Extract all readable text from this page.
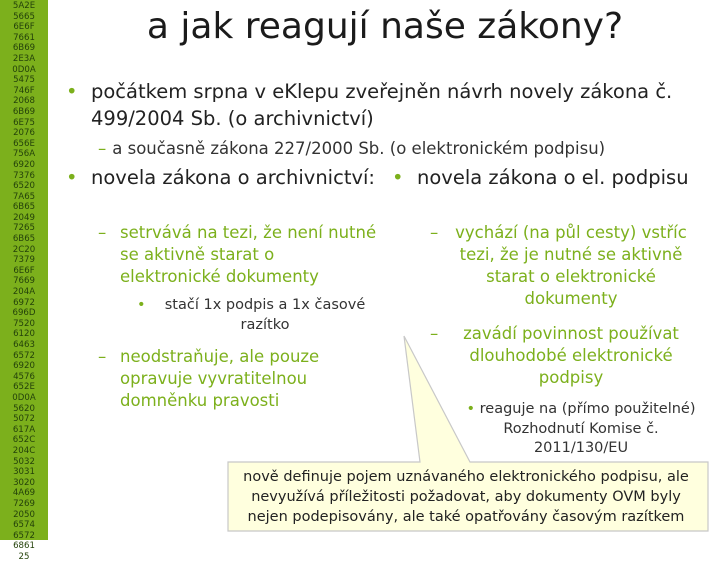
5A2E
5665
6E6F
7661
6B69
2E3A
0D0A
5475
746F
2068
6B69
6E75
2076
656E
756A
6920
7376
6520
7A65
6B65
2049
7265
6B65
2C20
7379
6E6F
7669
204A
6972
696D
7520
6120
6463
6572
6920
4576
652E
0D0A
5620
5072
617A
652C
204C
5032
3031
3020
4A69
7269
2050
6574
6572
6861
25
a jak reagují naše zákony?
• počátkem srpna v eKlepu zveřejněn návrh novely zákona č. 499/2004 Sb. (o archivnictví)
– a současně zákona 227/2000 Sb. (o elektronickém podpisu)
• novela zákona o archivnictví: • novela zákona o el. podpisu
– setrvává na tezi, že není nutné se aktivně starat o elektronické dokumenty
• stačí 1x podpis a 1x časové razítko
– neodstraňuje, ale pouze opravuje vyvratitelnou domněnku pravosti
–	vychází (na půl cesty) vstříc tezi, že je nutné se aktivně starat o elektronické dokumenty
–	zavádí povinnost používat dlouhodobé elektronické podpisy
• reaguje na (přímo použitelné) Rozhodnutí Komise č. 2011/130/EU
nově definuje pojem uznávaného elektronického podpisu, ale nevyužívá příležitosti požadovat, aby dokumenty OVM byly nejen podepisovány, ale také opatřovány časovým razítkem
